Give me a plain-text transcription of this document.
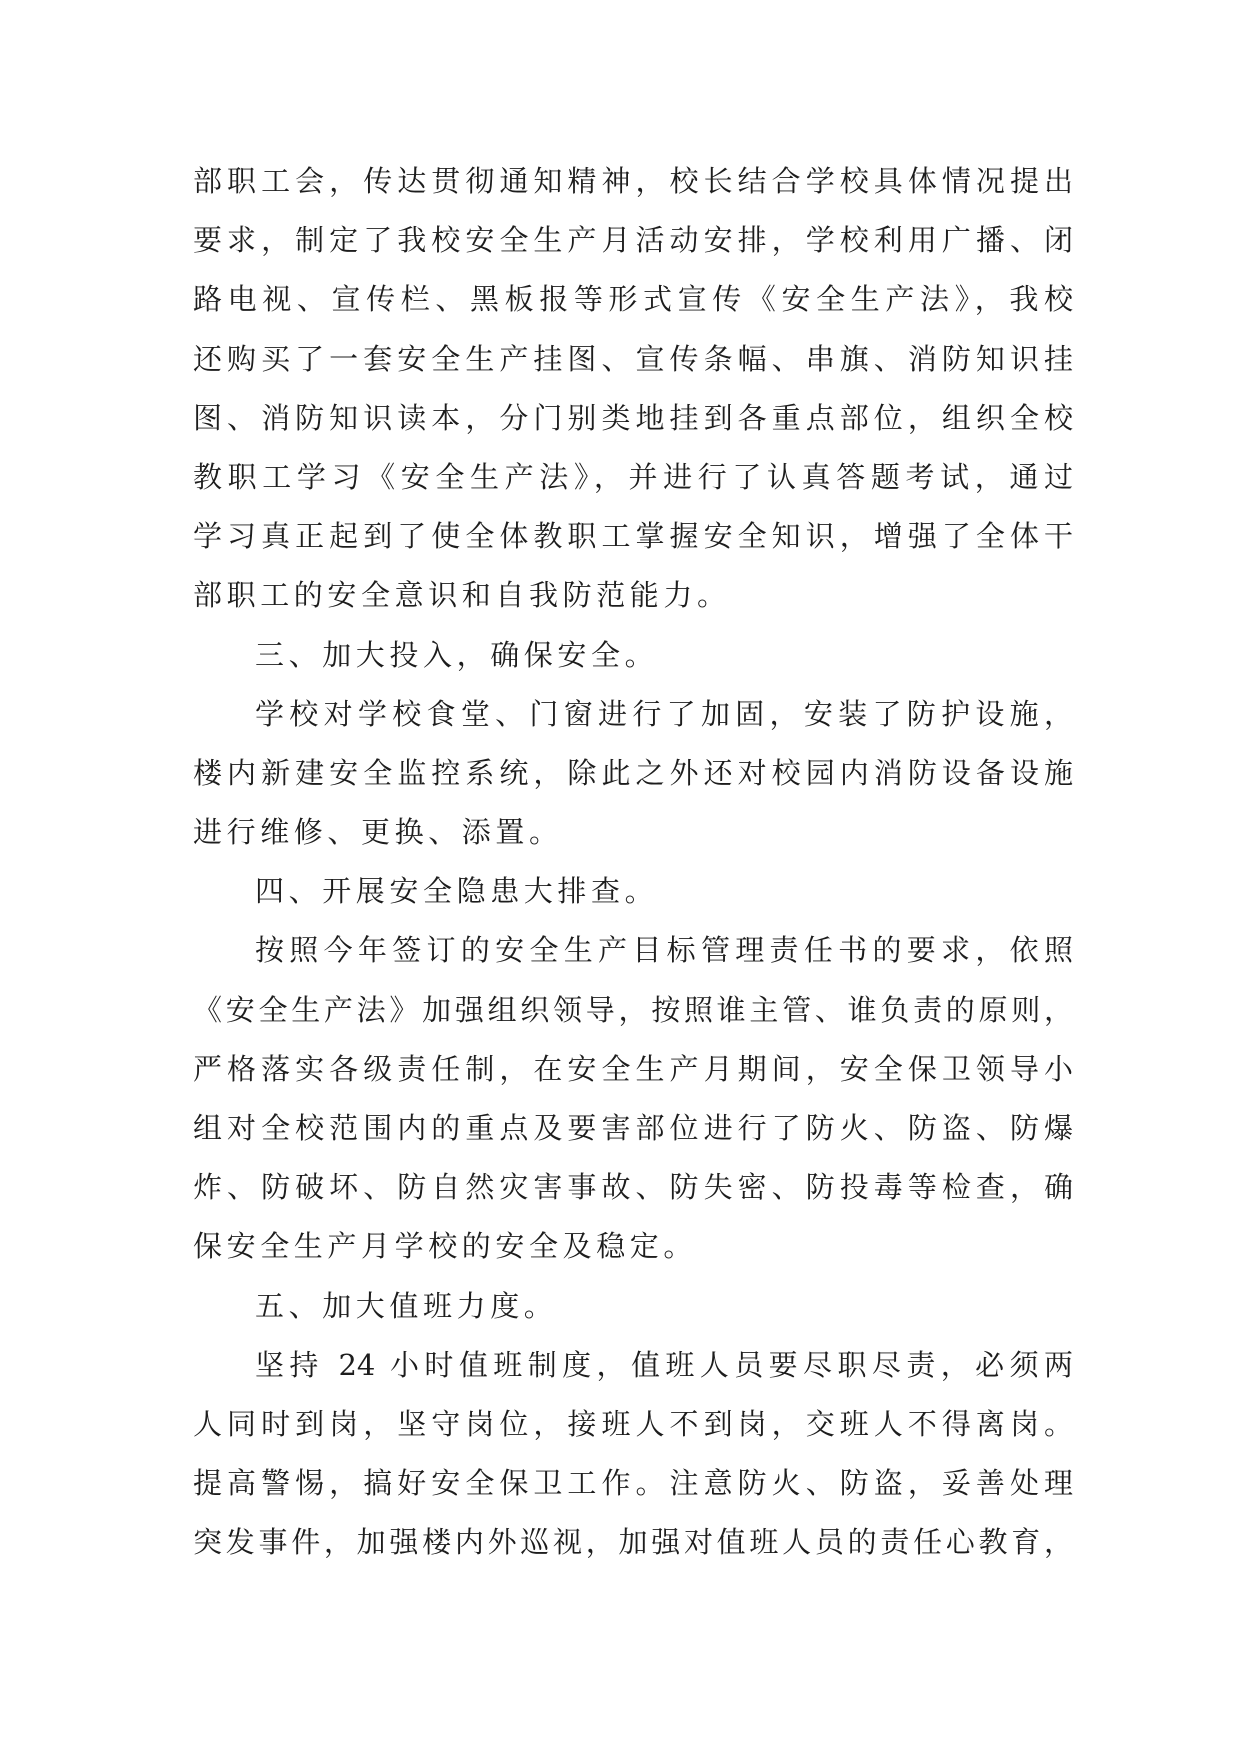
部职工会，传达贯彻通知精神，校长结合学校具体情况提出
要求，制定了我校安全生产月活动安排，学校利用广播、闭
路电视、宣传栏、黑板报等形式宣传《安全生产法》，我校
还购买了一套安全生产挂图、宣传条幅、串旗、消防知识挂
图、消防知识读本，分门别类地挂到各重点部位，组织全校
教职工学习《安全生产法》，并进行了认真答题考试，通过
学习真正起到了使全体教职工掌握安全知识，增强了全体干
部职工的安全意识和自我防范能力。
三、加大投入，确保安全。
学校对学校食堂、门窗进行了加固，安装了防护设施，
楼内新建安全监控系统，除此之外还对校园内消防设备设施
进行维修、更换、添置。
四、开展安全隐患大排查。
按照今年签订的安全生产目标管理责任书的要求，依照
《安全生产法》加强组织领导，按照谁主管、谁负责的原则，
严格落实各级责任制，在安全生产月期间，安全保卫领导小
组对全校范围内的重点及要害部位进行了防火、防盗、防爆
炸、防破坏、防自然灾害事故、防失密、防投毒等检查，确
保安全生产月学校的安全及稳定。
五、加大值班力度。
坚持 24 小时值班制度，值班人员要尽职尽责，必须两
人同时到岗，坚守岗位，接班人不到岗，交班人不得离岗。
提高警惕，搞好安全保卫工作。注意防火、防盗，妥善处理
突发事件，加强楼内外巡视，加强对值班人员的责任心教育，
